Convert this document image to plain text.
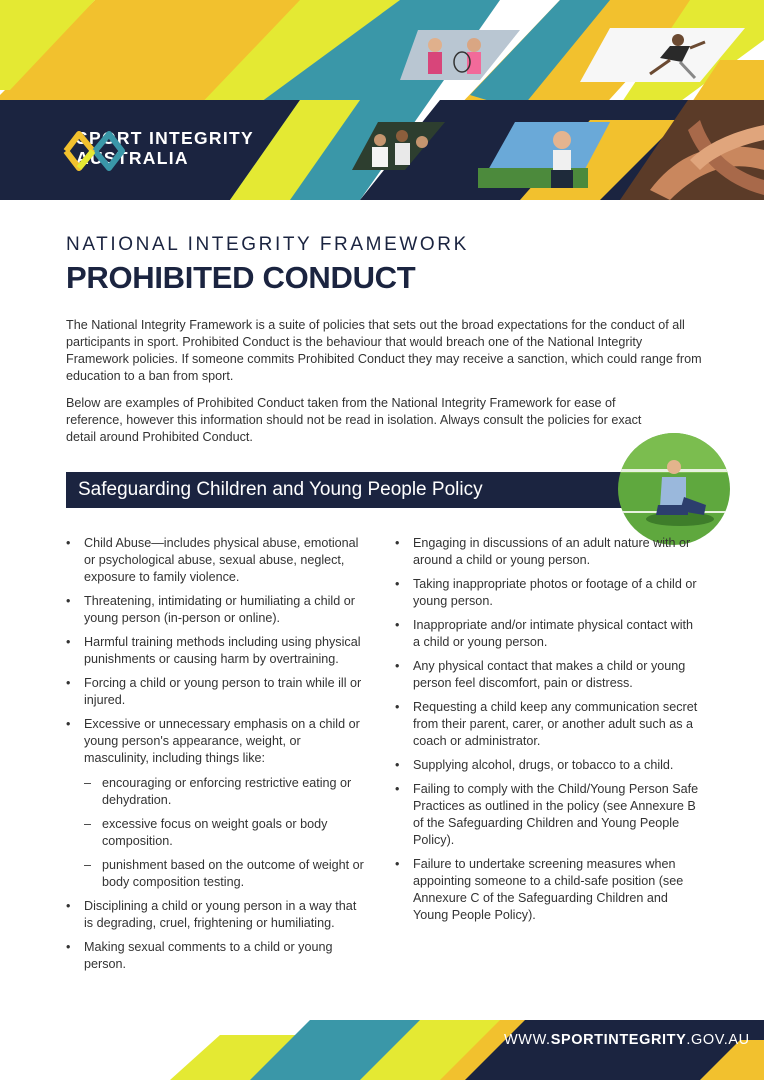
SPORT INTEGRITY
AUSTRALIA
NATIONAL INTEGRITY FRAMEWORK
PROHIBITED CONDUCT

The National Integrity Framework is a suite of policies that sets out the broad expectations for the conduct of all participants in sport. Prohibited Conduct is the behaviour that would breach one of the National Integrity Framework policies. If someone commits Prohibited Conduct they may receive a sanction, which could range from education to a ban from sport.

Below are examples of Prohibited Conduct taken from the National Integrity Framework for ease of reference, however this information should not be read in isolation. Always consult the policies for exact detail around Prohibited Conduct.

Safeguarding Children and Young People Policy
• Child Abuse—includes physical abuse, emotional or psychological abuse, sexual abuse, neglect, exposure to family violence.
• Threatening, intimidating or humiliating a child or young person (in-person or online).
• Harmful training methods including using physical punishments or causing harm by overtraining.
• Forcing a child or young person to train while ill or injured.
• Excessive or unnecessary emphasis on a child or young person's appearance, weight, or masculinity, including things like:
– encouraging or enforcing restrictive eating or dehydration.
– excessive focus on weight goals or body composition.
– punishment based on the outcome of weight or body composition testing.
• Disciplining a child or young person in a way that is degrading, cruel, frightening or humiliating.
• Making sexual comments to a child or young person.
• Engaging in discussions of an adult nature with or around a child or young person.
• Taking inappropriate photos or footage of a child or young person.
• Inappropriate and/or intimate physical contact with a child or young person.
• Any physical contact that makes a child or young person feel discomfort, pain or distress.
• Requesting a child keep any communication secret from their parent, carer, or another adult such as a coach or administrator.
• Supplying alcohol, drugs, or tobacco to a child.
• Failing to comply with the Child/Young Person Safe Practices as outlined in the policy (see Annexure B of the Safeguarding Children and Young People Policy).
• Failure to undertake screening measures when appointing someone to a child-safe position (see Annexure C of the Safeguarding Children and Young People Policy).
WWW.SPORTINTEGRITY.GOV.AU
